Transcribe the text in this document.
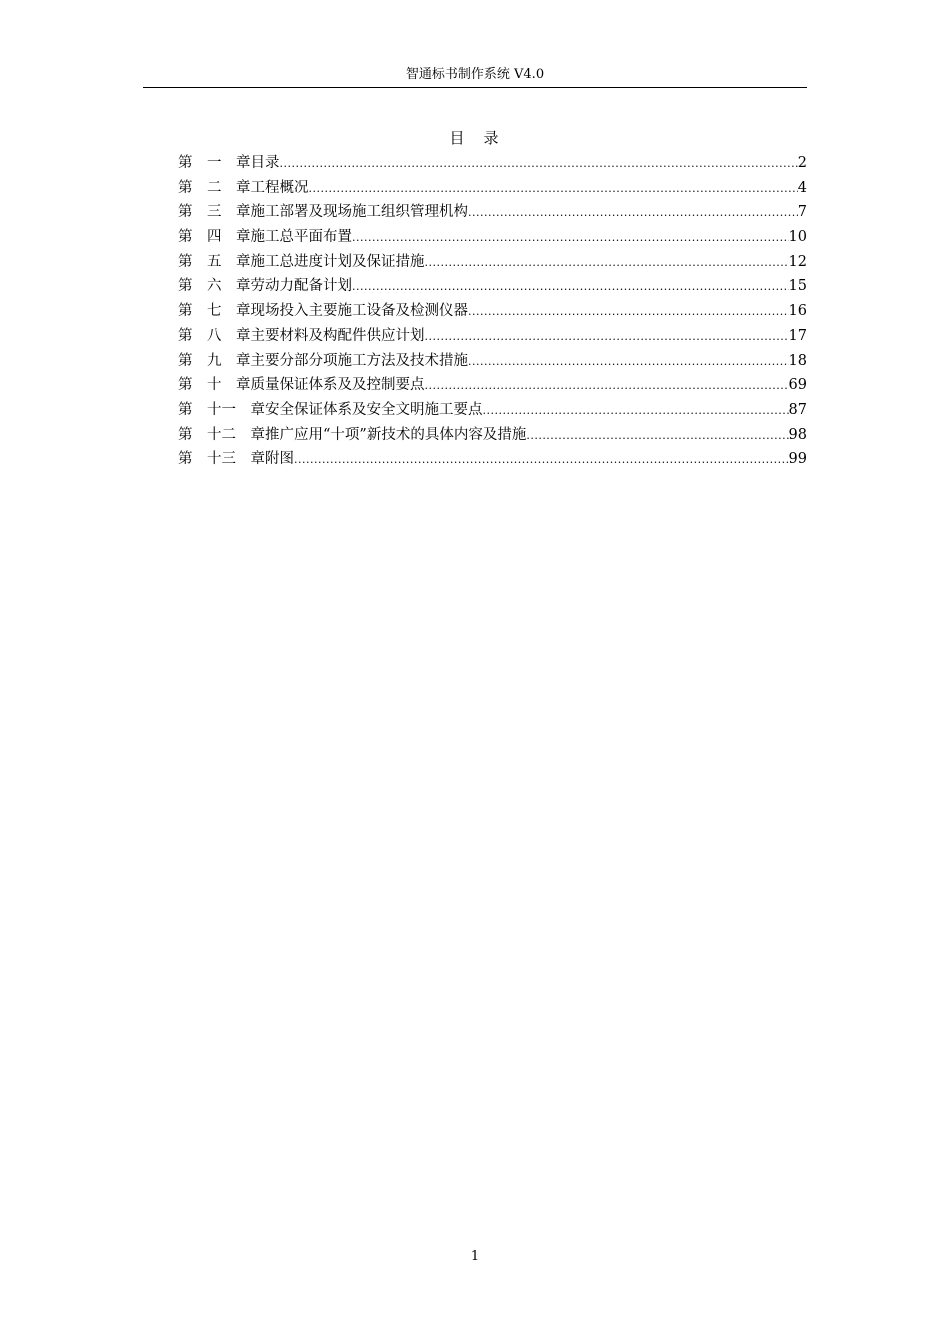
智通标书制作系统 V4.0
目　录
第　一　章目录 .....	2
第　二　章工程概况 .....	4
第　三　章施工部署及现场施工组织管理机构 .....	7
第　四　章施工总平面布置 .....	10
第　五　章施工总进度计划及保证措施 .....	12
第　六　章劳动力配备计划 .....	15
第　七　章现场投入主要施工设备及检测仪器 .....	16
第　八　章主要材料及构配件供应计划 .....	17
第　九　章主要分部分项施工方法及技术措施 .....	18
第　十　章质量保证体系及及控制要点 .....	69
第　十一　章安全保证体系及安全文明施工要点 .....	87
第　十二　章推广应用“十项”新技术的具体内容及措施 .....	98
第　十三　章附图 .....	99
1
